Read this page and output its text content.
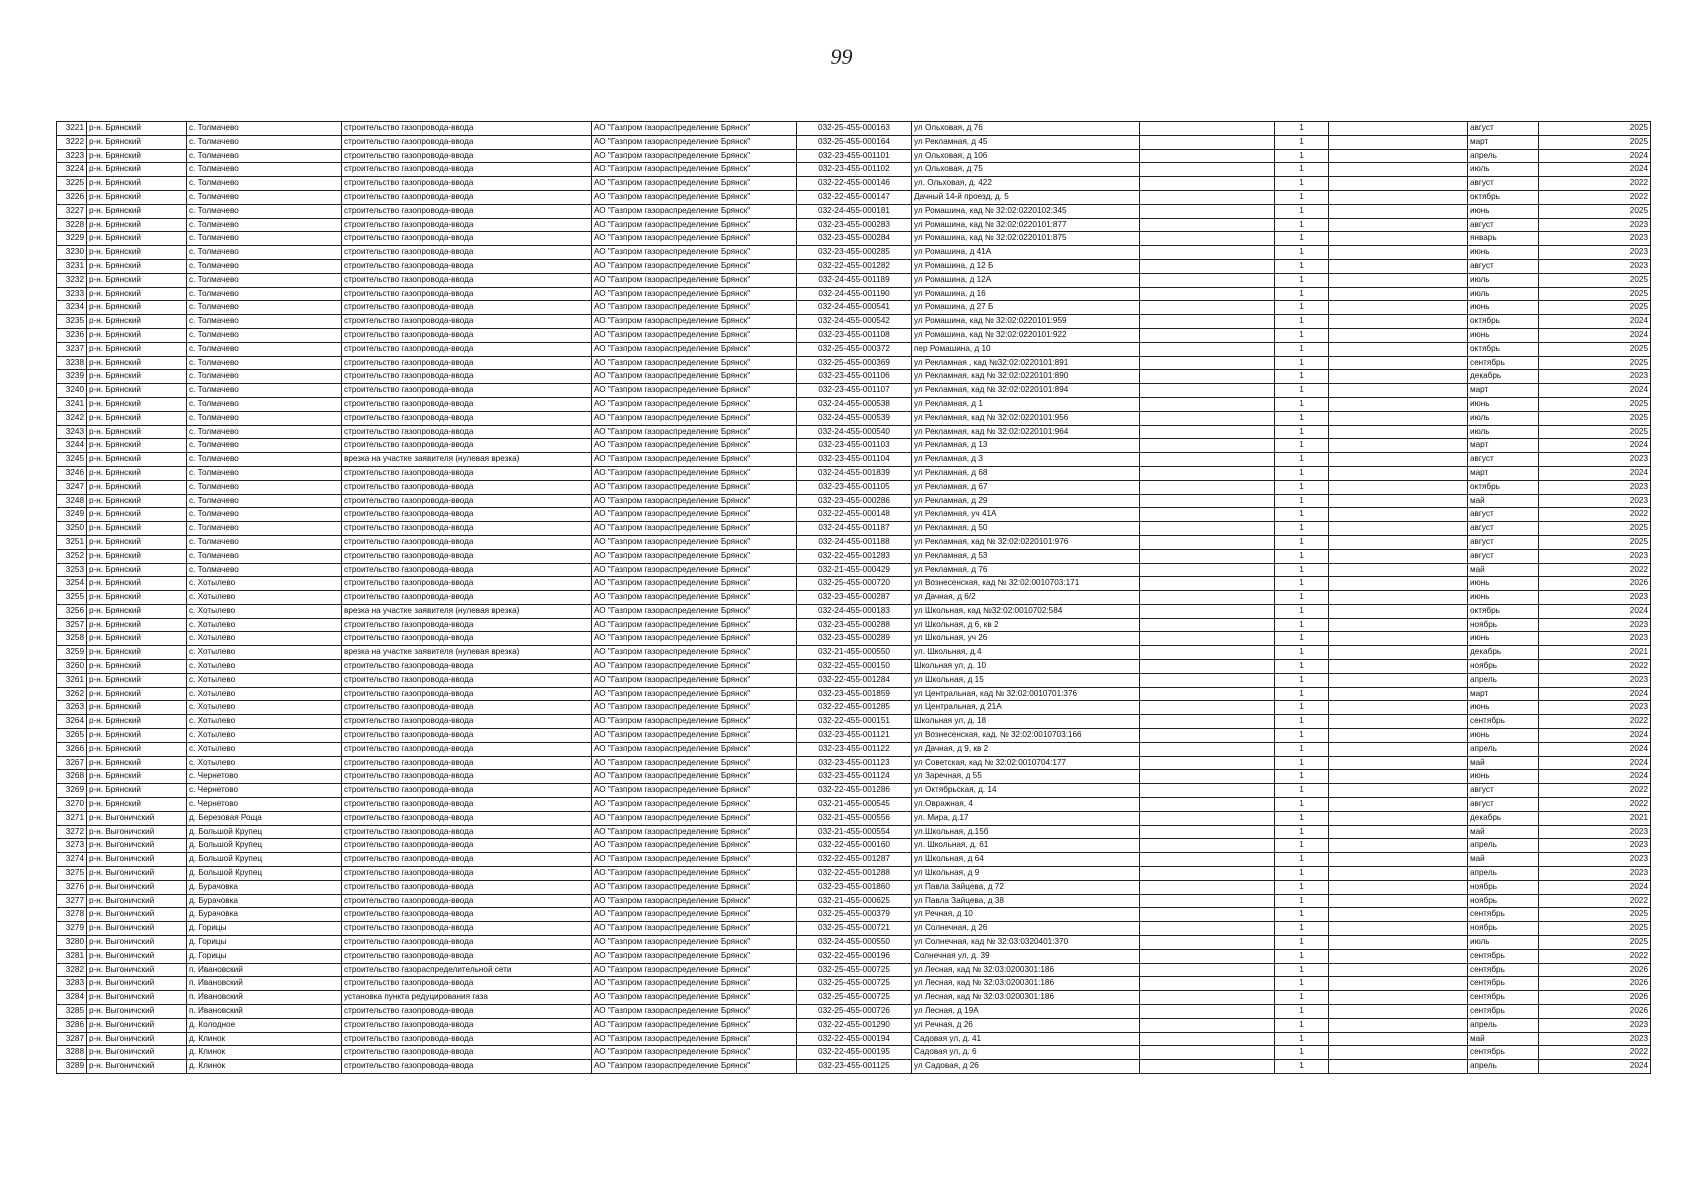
99
3221	р-н. Брянский	с. Толмачево	строительство газопровода-ввода	АО "Газпром газораспределение Брянск"	032-25-455-000163	ул Ольховая, д 76		1		август	2025
3222	р-н. Брянский	с. Толмачево	строительство газопровода-ввода	АО "Газпром газораспределение Брянск"	032-25-455-000164	ул Рекламная, д 45		1		март	2025
3223	р-н. Брянский	с. Толмачево	строительство газопровода-ввода	АО "Газпром газораспределение Брянск"	032-23-455-001101	ул Ольховая, д 106		1		апрель	2024
3224	р-н. Брянский	с. Толмачево	строительство газопровода-ввода	АО "Газпром газораспределение Брянск"	032-23-455-001102	ул Ольховая, д 75		1		июль	2024
3225	р-н. Брянский	с. Толмачево	строительство газопровода-ввода	АО "Газпром газораспределение Брянск"	032-22-455-000146	ул. Ольховая, д. 422		1		август	2022
3226	р-н. Брянский	с. Толмачево	строительство газопровода-ввода	АО "Газпром газораспределение Брянск"	032-22-455-000147	Дачный 14-й проезд, д. 5		1		октябрь	2022
3227	р-н. Брянский	с. Толмачево	строительство газопровода-ввода	АО "Газпром газораспределение Брянск"	032-24-455-000181	ул Ромашина, кад № 32:02:0220102:345		1		июнь	2025
3228	р-н. Брянский	с. Толмачево	строительство газопровода-ввода	АО "Газпром газораспределение Брянск"	032-23-455-000283	ул Ромашина, кад № 32:02:0220101:877		1		август	2023
3229	р-н. Брянский	с. Толмачево	строительство газопровода-ввода	АО "Газпром газораспределение Брянск"	032-23-455-000284	ул Ромашина, кад № 32:02:0220101:875		1		январь	2023
3230	р-н. Брянский	с. Толмачево	строительство газопровода-ввода	АО "Газпром газораспределение Брянск"	032-23-455-000285	ул Ромашина, д 41А		1		июнь	2023
3231	р-н. Брянский	с. Толмачево	строительство газопровода-ввода	АО "Газпром газораспределение Брянск"	032-22-455-001282	ул Ромашина, д 12 Б		1		август	2023
3232	р-н. Брянский	с. Толмачево	строительство газопровода-ввода	АО "Газпром газораспределение Брянск"	032-24-455-001189	ул Ромашина, д 12А		1		июль	2025
3233	р-н. Брянский	с. Толмачево	строительство газопровода-ввода	АО "Газпром газораспределение Брянск"	032-24-455-001190	ул Ромашина, д 16		1		июль	2025
3234	р-н. Брянский	с. Толмачево	строительство газопровода-ввода	АО "Газпром газораспределение Брянск"	032-24-455-000541	ул Ромашина, д 27 Б		1		июнь	2025
3235	р-н. Брянский	с. Толмачево	строительство газопровода-ввода	АО "Газпром газораспределение Брянск"	032-24-455-000542	ул Ромашина, кад № 32:02:0220101:959		1		октябрь	2024
3236	р-н. Брянский	с. Толмачево	строительство газопровода-ввода	АО "Газпром газораспределение Брянск"	032-23-455-001108	ул Ромашина, кад № 32:02:0220101:922		1		июнь	2024
3237	р-н. Брянский	с. Толмачево	строительство газопровода-ввода	АО "Газпром газораспределение Брянск"	032-25-455-000372	пер Ромашина, д 10		1		октябрь	2025
3238	р-н. Брянский	с. Толмачево	строительство газопровода-ввода	АО "Газпром газораспределение Брянск"	032-25-455-000369	ул Рекламная , кад №32:02:0220101:891		1		сентябрь	2025
3239	р-н. Брянский	с. Толмачево	строительство газопровода-ввода	АО "Газпром газораспределение Брянск"	032-23-455-001106	ул Рекламная, кад № 32:02:0220101:890		1		декабрь	2023
3240	р-н. Брянский	с. Толмачево	строительство газопровода-ввода	АО "Газпром газораспределение Брянск"	032-23-455-001107	ул Рекламная, кад № 32:02:0220101:894		1		март	2024
3241	р-н. Брянский	с. Толмачево	строительство газопровода-ввода	АО "Газпром газораспределение Брянск"	032-24-455-000538	ул Рекламная, д 1		1		июнь	2025
3242	р-н. Брянский	с. Толмачево	строительство газопровода-ввода	АО "Газпром газораспределение Брянск"	032-24-455-000539	ул Рекламная, кад № 32:02:0220101:956		1		июль	2025
3243	р-н. Брянский	с. Толмачево	строительство газопровода-ввода	АО "Газпром газораспределение Брянск"	032-24-455-000540	ул Рекламная, кад № 32:02:0220101:964		1		июль	2025
3244	р-н. Брянский	с. Толмачево	строительство газопровода-ввода	АО "Газпром газораспределение Брянск"	032-23-455-001103	ул Рекламная, д 13		1		март	2024
3245	р-н. Брянский	с. Толмачево	врезка на участке заявителя (нулевая врезка)	АО "Газпром газораспределение Брянск"	032-23-455-001104	ул Рекламная, д 3		1		август	2023
3246	р-н. Брянский	с. Толмачево	строительство газопровода-ввода	АО "Газпром газораспределение Брянск"	032-24-455-001839	ул Рекламная, д 68		1		март	2024
3247	р-н. Брянский	с. Толмачево	строительство газопровода-ввода	АО "Газпром газораспределение Брянск"	032-23-455-001105	ул Рекламная, д 67		1		октябрь	2023
3248	р-н. Брянский	с. Толмачево	строительство газопровода-ввода	АО "Газпром газораспределение Брянск"	032-23-455-000286	ул Рекламная, д 29		1		май	2023
3249	р-н. Брянский	с. Толмачево	строительство газопровода-ввода	АО "Газпром газораспределение Брянск"	032-22-455-000148	ул Рекламная, уч 41А		1		август	2022
3250	р-н. Брянский	с. Толмачево	строительство газопровода-ввода	АО "Газпром газораспределение Брянск"	032-24-455-001187	ул Рекламная, д 50		1		август	2025
3251	р-н. Брянский	с. Толмачево	строительство газопровода-ввода	АО "Газпром газораспределение Брянск"	032-24-455-001188	ул Рекламная, кад № 32:02:0220101:976		1		август	2025
3252	р-н. Брянский	с. Толмачево	строительство газопровода-ввода	АО "Газпром газораспределение Брянск"	032-22-455-001283	ул Рекламная, д 53		1		август	2023
3253	р-н. Брянский	с. Толмачево	строительство газопровода-ввода	АО "Газпром газораспределение Брянск"	032-21-455-000429	ул Рекламная, д 76		1		май	2022
3254	р-н. Брянский	с. Хотылево	строительство газопровода-ввода	АО "Газпром газораспределение Брянск"	032-25-455-000720	ул Вознесенская, кад № 32:02:0010703:171		1		июнь	2026
3255	р-н. Брянский	с. Хотылево	строительство газопровода-ввода	АО "Газпром газораспределение Брянск"	032-23-455-000287	ул Дачная, д 6/2		1		июнь	2023
3256	р-н. Брянский	с. Хотылево	врезка на участке заявителя (нулевая врезка)	АО "Газпром газораспределение Брянск"	032-24-455-000183	ул Школьная, кад №32:02:0010702:584		1		октябрь	2024
3257	р-н. Брянский	с. Хотылево	строительство газопровода-ввода	АО "Газпром газораспределение Брянск"	032-23-455-000288	ул Школьная, д 6, кв 2		1		ноябрь	2023
3258	р-н. Брянский	с. Хотылево	строительство газопровода-ввода	АО "Газпром газораспределение Брянск"	032-23-455-000289	ул Школьная, уч 26		1		июнь	2023
3259	р-н. Брянский	с. Хотылево	врезка на участке заявителя (нулевая врезка)	АО "Газпром газораспределение Брянск"	032-21-455-000550	ул. Школьная, д.4		1		декабрь	2021
3260	р-н. Брянский	с. Хотылево	строительство газопровода-ввода	АО "Газпром газораспределение Брянск"	032-22-455-000150	Школьная ул, д. 10		1		ноябрь	2022
3261	р-н. Брянский	с. Хотылево	строительство газопровода-ввода	АО "Газпром газораспределение Брянск"	032-22-455-001284	ул Школьная, д 15		1		апрель	2023
3262	р-н. Брянский	с. Хотылево	строительство газопровода-ввода	АО "Газпром газораспределение Брянск"	032-23-455-001859	ул Центральная, кад № 32:02:0010701:376		1		март	2024
3263	р-н. Брянский	с. Хотылево	строительство газопровода-ввода	АО "Газпром газораспределение Брянск"	032-22-455-001285	ул Центральная, д 21А		1		июнь	2023
3264	р-н. Брянский	с. Хотылево	строительство газопровода-ввода	АО "Газпром газораспределение Брянск"	032-22-455-000151	Школьная ул, д. 18		1		сентябрь	2022
3265	р-н. Брянский	с. Хотылево	строительство газопровода-ввода	АО "Газпром газораспределение Брянск"	032-23-455-001121	ул Вознесенская, кад. № 32:02:0010703:166		1		июнь	2024
3266	р-н. Брянский	с. Хотылево	строительство газопровода-ввода	АО "Газпром газораспределение Брянск"	032-23-455-001122	ул Дачная, д 9, кв 2		1		апрель	2024
3267	р-н. Брянский	с. Хотылево	строительство газопровода-ввода	АО "Газпром газораспределение Брянск"	032-23-455-001123	ул Советская, кад № 32:02:0010704:177		1		май	2024
3268	р-н. Брянский	с. Чернетово	строительство газопровода-ввода	АО "Газпром газораспределение Брянск"	032-23-455-001124	ул Заречная, д 55		1		июнь	2024
3269	р-н. Брянский	с. Чернетово	строительство газопровода-ввода	АО "Газпром газораспределение Брянск"	032-22-455-001286	ул Октябрьская, д. 14		1		август	2022
3270	р-н. Брянский	с. Чернетово	строительство газопровода-ввода	АО "Газпром газораспределение Брянск"	032-21-455-000545	ул.Овражная, 4		1		август	2022
3271	р-н. Выгоничский	д. Березовая Роща	строительство газопровода-ввода	АО "Газпром газораспределение Брянск"	032-21-455-000556	ул. Мира, д.17		1		декабрь	2021
3272	р-н. Выгоничский	д. Большой Крупец	строительство газопровода-ввода	АО "Газпром газораспределение Брянск"	032-21-455-000554	ул.Школьная, д.15б		1		май	2023
3273	р-н. Выгоничский	д. Большой Крупец	строительство газопровода-ввода	АО "Газпром газораспределение Брянск"	032-22-455-000160	ул. Школьная, д. 61		1		апрель	2023
3274	р-н. Выгоничский	д. Большой Крупец	строительство газопровода-ввода	АО "Газпром газораспределение Брянск"	032-22-455-001287	ул Школьная, д 64		1		май	2023
3275	р-н. Выгоничский	д. Большой Крупец	строительство газопровода-ввода	АО "Газпром газораспределение Брянск"	032-22-455-001288	ул Школьная, д 9		1		апрель	2023
3276	р-н. Выгоничский	д. Бурачовка	строительство газопровода-ввода	АО "Газпром газораспределение Брянск"	032-23-455-001860	ул Павла Зайцева, д 72		1		ноябрь	2024
3277	р-н. Выгоничский	д. Бурачовка	строительство газопровода-ввода	АО "Газпром газораспределение Брянск"	032-21-455-000625	ул Павла Зайцева, д 38		1		ноябрь	2022
3278	р-н. Выгоничский	д. Бурачовка	строительство газопровода-ввода	АО "Газпром газораспределение Брянск"	032-25-455-000379	ул Речная, д 10		1		сентябрь	2025
3279	р-н. Выгоничский	д. Горицы	строительство газопровода-ввода	АО "Газпром газораспределение Брянск"	032-25-455-000721	ул Солнечная, д 26		1		ноябрь	2025
3280	р-н. Выгоничский	д. Горицы	строительство газопровода-ввода	АО "Газпром газораспределение Брянск"	032-24-455-000550	ул Солнечная, кад № 32:03:0320401:370		1		июль	2025
3281	р-н. Выгоничский	д. Горицы	строительство газопровода-ввода	АО "Газпром газораспределение Брянск"	032-22-455-000196	Солнечная ул, д. 39		1		сентябрь	2022
3282	р-н. Выгоничский	п. Ивановский	строительство газораспределительной сети	АО "Газпром газораспределение Брянск"	032-25-455-000725	ул Лесная, кад № 32:03:0200301:186		1		сентябрь	2026
3283	р-н. Выгоничский	п. Ивановский	строительство газопровода-ввода	АО "Газпром газораспределение Брянск"	032-25-455-000725	ул Лесная, кад № 32:03:0200301:186		1		сентябрь	2026
3284	р-н. Выгоничский	п. Ивановский	установка пункта редуцирования газа	АО "Газпром газораспределение Брянск"	032-25-455-000725	ул Лесная, кад № 32:03:0200301:186		1		сентябрь	2026
3285	р-н. Выгоничский	п. Ивановский	строительство газопровода-ввода	АО "Газпром газораспределение Брянск"	032-25-455-000726	ул Лесная, д 19А		1		сентябрь	2026
3286	р-н. Выгоничский	д. Колодное	строительство газопровода-ввода	АО "Газпром газораспределение Брянск"	032-22-455-001290	ул Речная, д 26		1		апрель	2023
3287	р-н. Выгоничский	д. Клинок	строительство газопровода-ввода	АО "Газпром газораспределение Брянск"	032-22-455-000194	Садовая ул, д. 41		1		май	2023
3288	р-н. Выгоничский	д. Клинок	строительство газопровода-ввода	АО "Газпром газораспределение Брянск"	032-22-455-000195	Садовая ул, д. 6		1		сентябрь	2022
3289	р-н. Выгоничский	д. Клинок	строительство газопровода-ввода	АО "Газпром газораспределение Брянск"	032-23-455-001125	ул Садовая, д 26		1		апрель	2024
